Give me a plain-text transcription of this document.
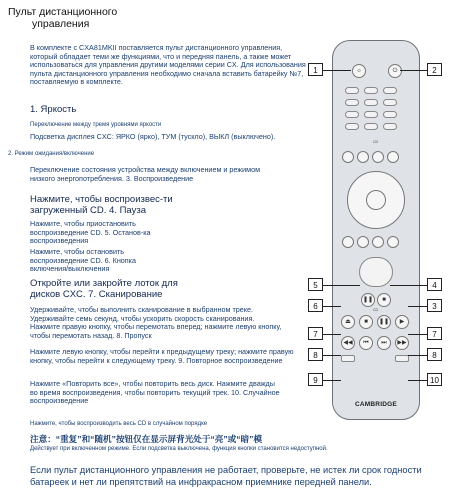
Пульт дистанционного
управления
В комплекте с CXA81MKII поставляется пульт дистанционного управления, который обладает теми же функциями, что и передняя панель, а также может использоваться для управления другими моделями серии CX. Для использования пульта дистанционного управления необходимо сначала вставить батарейку №7, поставляемую в комплекте.
1. Яркость
Переключение между тремя уровнями яркости
Подсветка дисплея CXC: ЯРКО (ярко), ТУМ (тускло), ВЫКЛ (выключено).
2. Режим ожидания/включение
Переключение состояния устройства между включением и режимом низкого энергопотребления. 3. Воспроизведение
Нажмите, чтобы воспроизвес-ти загруженный CD. 4. Пауза
Нажмите, чтобы приостановить воспроизведение CD. 5. Останов-ка воспроизведения
Нажмите, чтобы остановить воспроизведение CD. 6. Кнопка включения/выключения
Откройте или закройте лоток для дисков CXC. 7. Сканирование
Удерживайте, чтобы выполнить сканирование в выбранном треке. Удерживайте семь секунд, чтобы ускорить скорость сканирования. Нажмите правую кнопку, чтобы перемотать вперед; нажмите левую кнопку, чтобы перемотать назад. 8. Пропуск
Нажмите левую кнопку, чтобы перейти к предыдущему треку; нажмите правую кнопку, чтобы перейти к следующему треку. 9. Повторное воспроизведение
Нажмите «Повторить все», чтобы повторить весь диск. Нажмите дважды во время воспроизведения, чтобы повторить текущий трек. 10. Случайное воспроизведение
Нажмите, чтобы воспроизводить весь CD в случайном порядке
注意：“重复”和“随机”按钮仅在显示屏背光处于“亮”或“暗”模
Действует при включенном режиме. Если подсветка выключена, функция кнопки становится недоступной.
Если пульт дистанционного управления не работает, проверьте, не истек ли срок годности батареек и нет ли препятствий на инфракрасном приемнике передней панели.
☼	⏻
CD
CD
❚❚	■
⏏	■	❚❚	▶
◀◀	⏮	⏭	▶▶
CAMBRIDGE
1	2
5	4
6	3
7	7
8	8
9	10
